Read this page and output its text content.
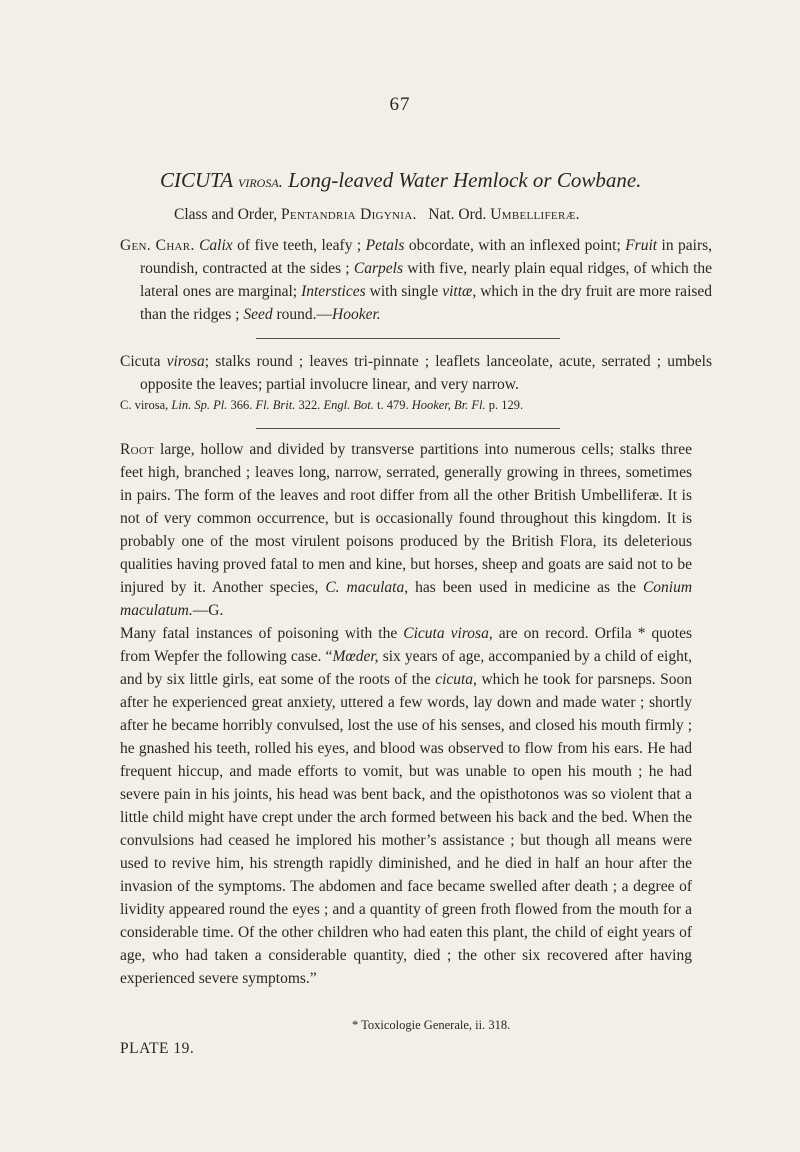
67
CICUTA virosa. Long-leaved Water Hemlock or Cowbane.
Class and Order, Pentandria Digynia. Nat. Ord. Umbelliferæ.
Gen. Char. Calix of five teeth, leafy ; Petals obcordate, with an inflexed point; Fruit in pairs, roundish, contracted at the sides ; Carpels with five, nearly plain equal ridges, of which the lateral ones are marginal; Interstices with single vittæ, which in the dry fruit are more raised than the ridges ; Seed round.—Hooker.
Cicuta virosa; stalks round ; leaves tri-pinnate ; leaflets lanceolate, acute, serrated ; umbels opposite the leaves; partial involucre linear, and very narrow.
C. virosa, Lin. Sp. Pl. 366. Fl. Brit. 322. Engl. Bot. t. 479. Hooker, Br. Fl. p. 129.

Root large, hollow and divided by transverse partitions into numerous cells; stalks three feet high, branched ; leaves long, narrow, serrated, generally growing in threes, sometimes in pairs. The form of the leaves and root differ from all the other British Umbelliferæ. It is not of very common occurrence, but is occasionally found throughout this kingdom. It is probably one of the most virulent poisons produced by the British Flora, its deleterious qualities having proved fatal to men and kine, but horses, sheep and goats are said not to be injured by it. Another species, C. maculata, has been used in medicine as the Conium maculatum.—G.

Many fatal instances of poisoning with the Cicuta virosa, are on record. Orfila * quotes from Wepfer the following case. “Mœder, six years of age, accompanied by a child of eight, and by six little girls, eat some of the roots of the cicuta, which he took for parsneps. Soon after he experienced great anxiety, uttered a few words, lay down and made water ; shortly after he became horribly convulsed, lost the use of his senses, and closed his mouth firmly ; he gnashed his teeth, rolled his eyes, and blood was observed to flow from his ears. He had frequent hiccup, and made efforts to vomit, but was unable to open his mouth ; he had severe pain in his joints, his head was bent back, and the opisthotonos was so violent that a little child might have crept under the arch formed between his back and the bed. When the convulsions had ceased he implored his mother’s assistance ; but though all means were used to revive him, his strength rapidly diminished, and he died in half an hour after the invasion of the symptoms. The abdomen and face became swelled after death ; a degree of lividity appeared round the eyes ; and a quantity of green froth flowed from the mouth for a considerable time. Of the other children who had eaten this plant, the child of eight years of age, who had taken a considerable quantity, died ; the other six recovered after having experienced severe symptoms.”

* Toxicologie Generale, ii. 318.
PLATE 19.
